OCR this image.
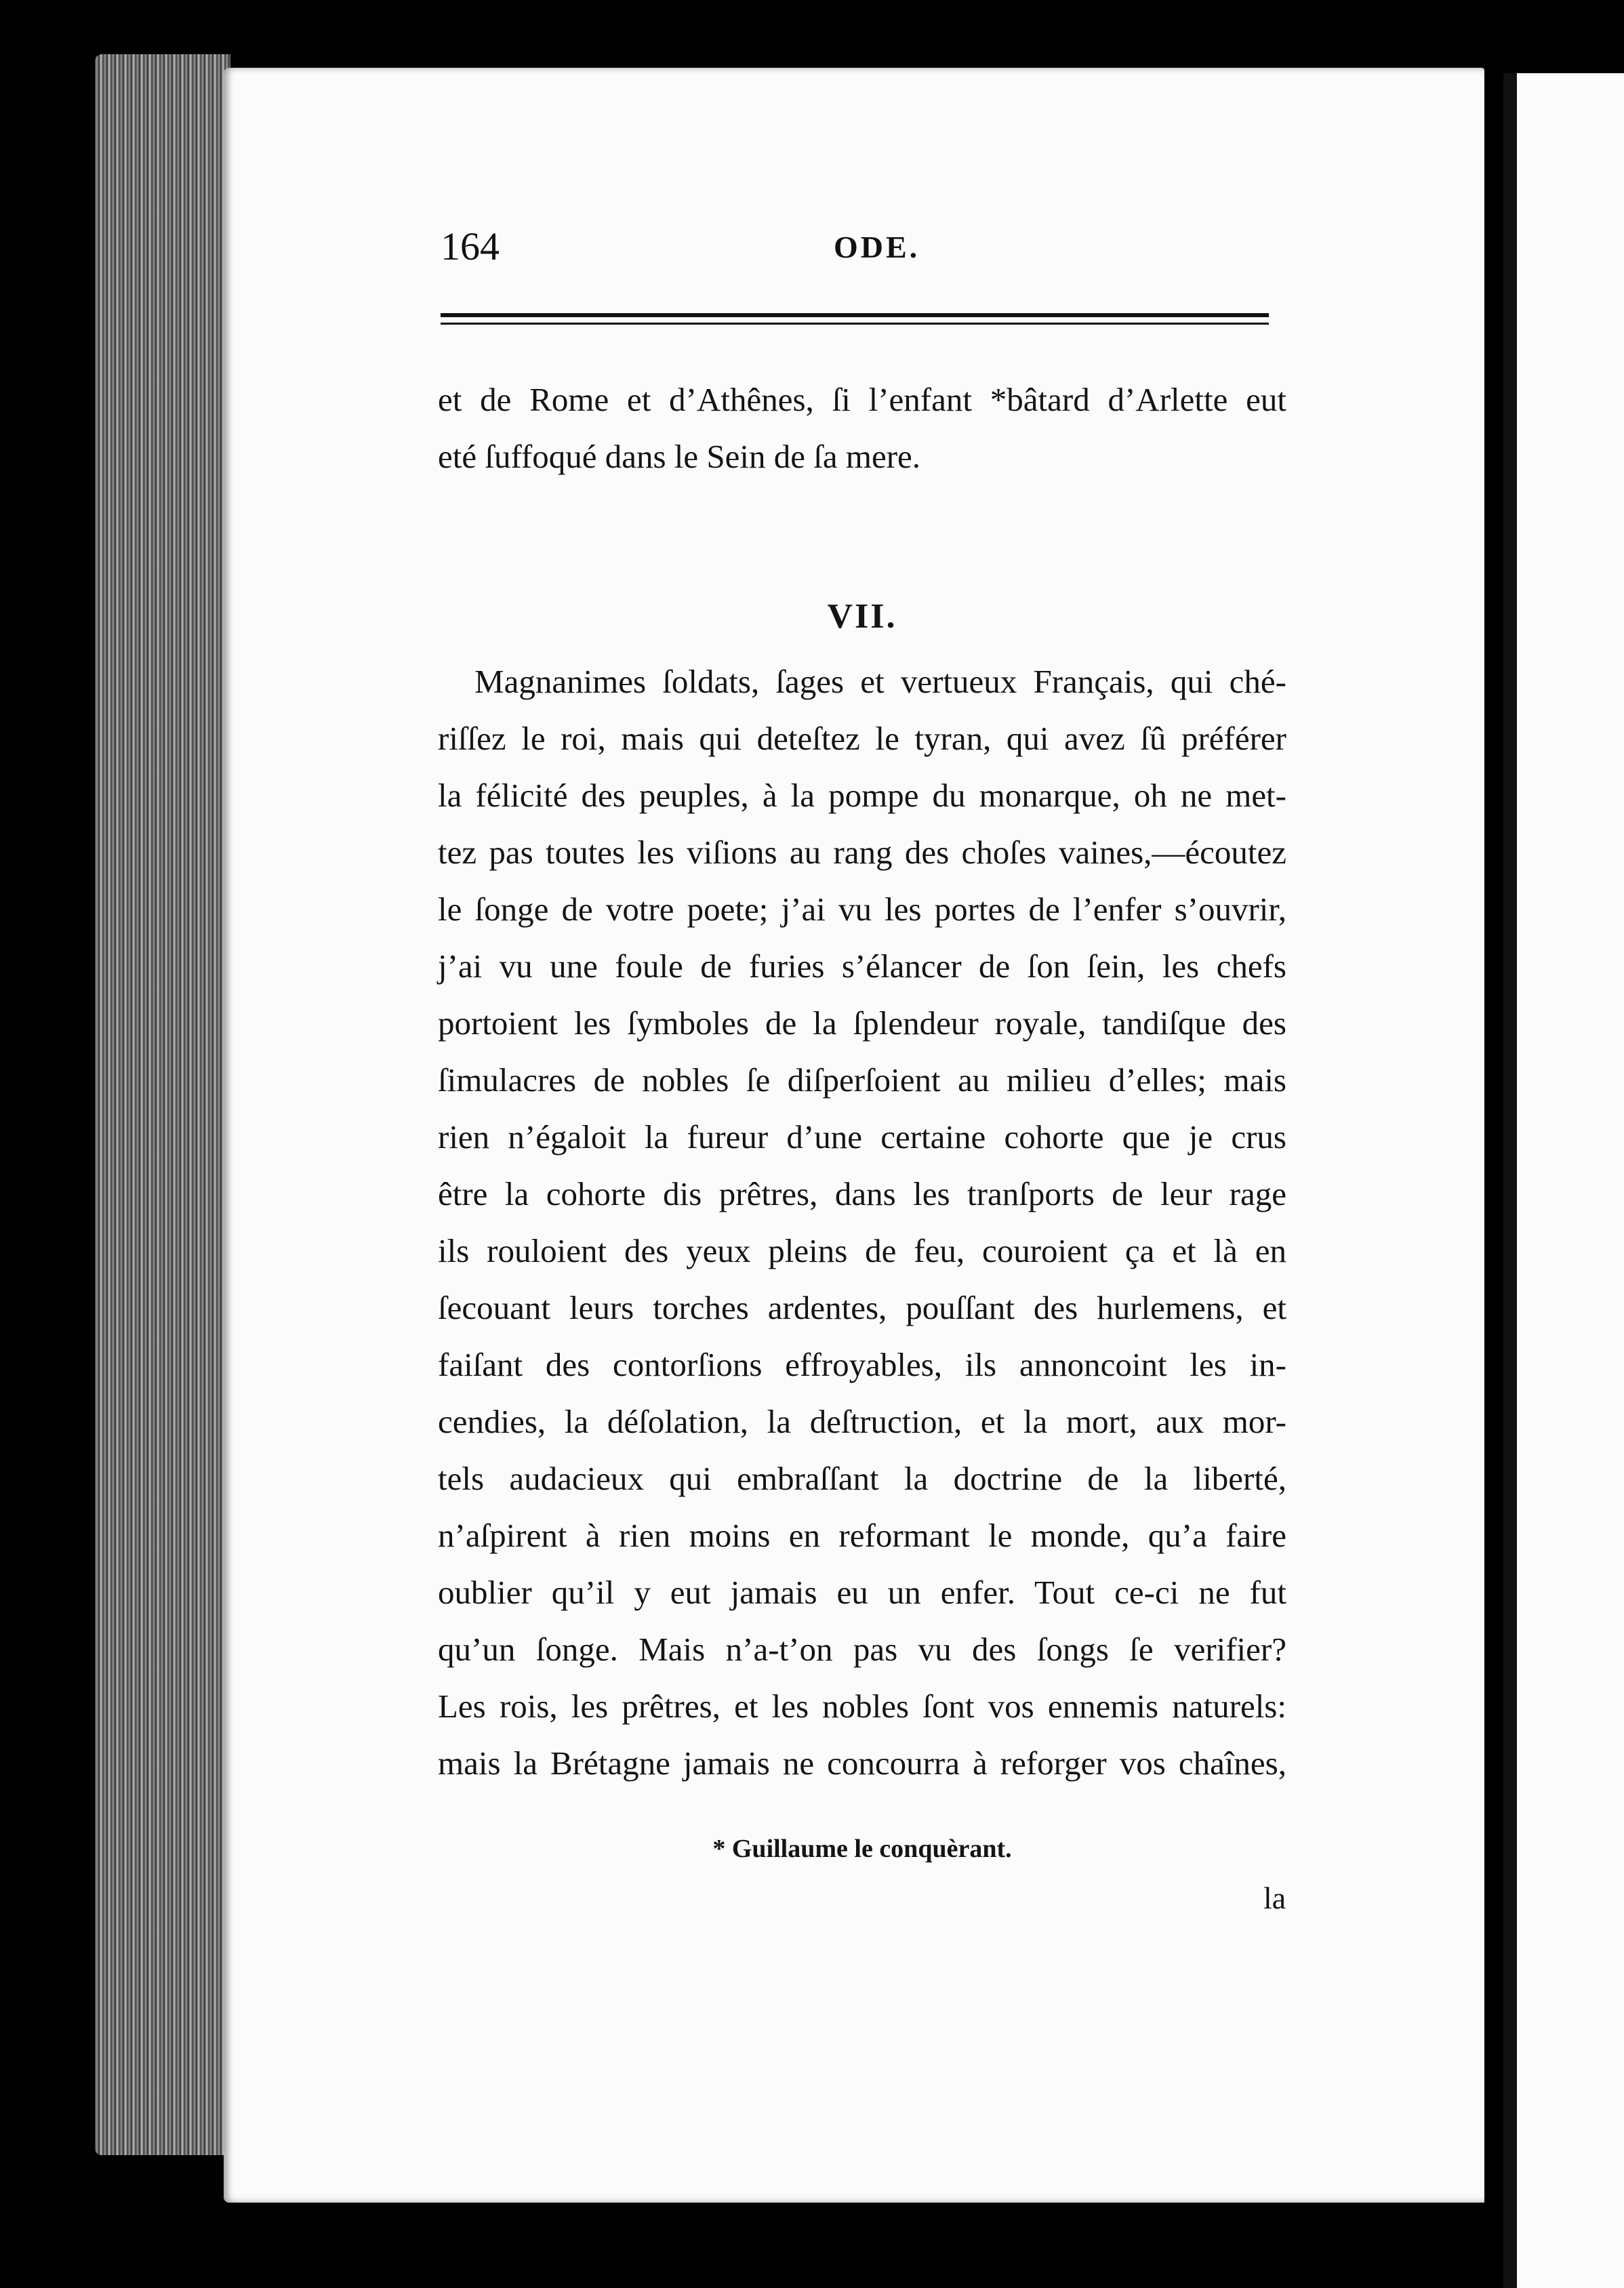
164	ODE.
et de Rome et d’Athênes, ſi l’enfant *bâtard d’Arlette eut
eté ſuffoqué dans le Sein de ſa mere.
VII.
Magnanimes ſoldats, ſages et vertueux Français, qui ché-
riſſez le roi, mais qui deteſtez le tyran, qui avez ſû préférer
la félicité des peuples, à la pompe du monarque, oh ne met-
tez pas toutes les viſions au rang des choſes vaines,—écoutez
le ſonge de votre poete; j’ai vu les portes de l’enfer s’ouvrir,
j’ai vu une foule de furies s’élancer de ſon ſein, les chefs
portoient les ſymboles de la ſplendeur royale, tandiſque des
ſimulacres de nobles ſe diſperſoient au milieu d’elles; mais
rien n’égaloit la fureur d’une certaine cohorte que je crus
être la cohorte dis prêtres, dans les tranſports de leur rage
ils rouloient des yeux pleins de feu, couroient ça et là en
ſecouant leurs torches ardentes, pouſſant des hurlemens, et
faiſant des contorſions effroyables, ils annoncoint les in-
cendies, la déſolation, la deſtruction, et la mort, aux mor-
tels audacieux qui embraſſant la doctrine de la liberté,
n’aſpirent à rien moins en reformant le monde, qu’a faire
oublier qu’il y eut jamais eu un enfer. Tout ce-ci ne fut
qu’un ſonge. Mais n’a-t’on pas vu des ſongs ſe verifier?
Les rois, les prêtres, et les nobles ſont vos ennemis naturels:
mais la Brétagne jamais ne concourra à reforger vos chaînes,
* Guillaume le conquèrant.
la
